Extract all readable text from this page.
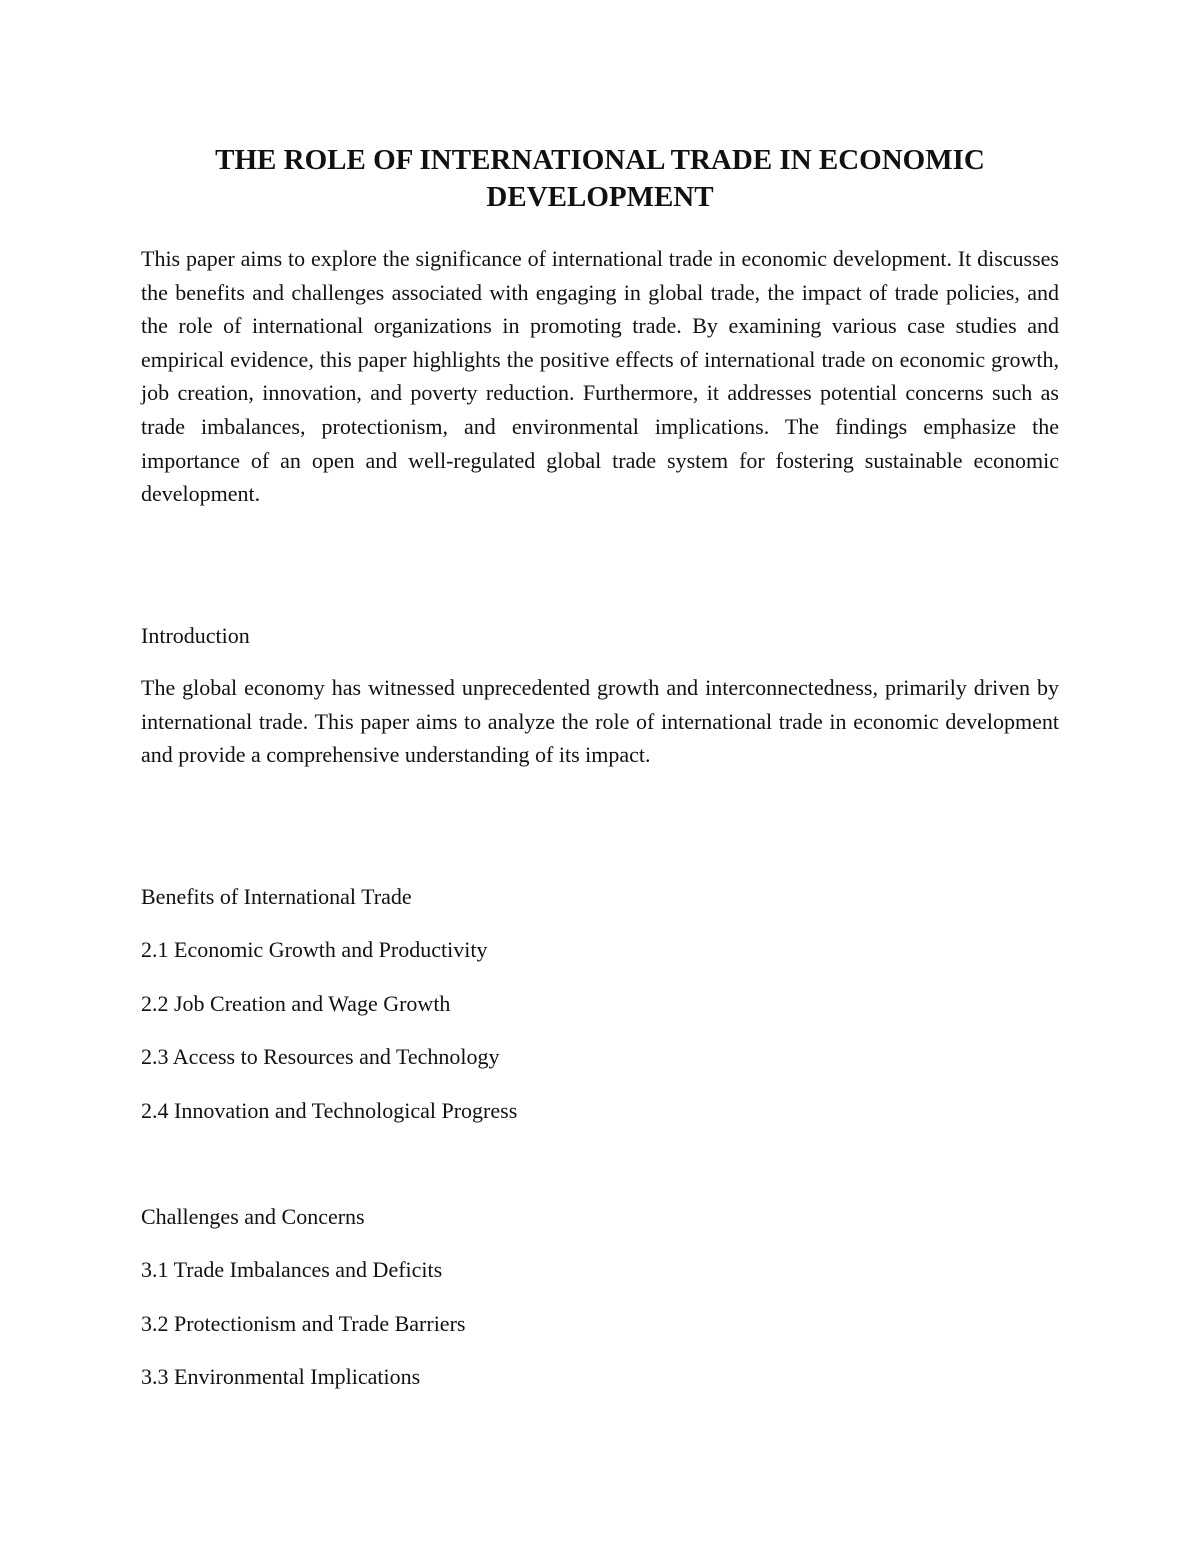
THE ROLE OF INTERNATIONAL TRADE IN ECONOMIC DEVELOPMENT

This paper aims to explore the significance of international trade in economic development. It discusses the benefits and challenges associated with engaging in global trade, the impact of trade policies, and the role of international organizations in promoting trade. By examining various case studies and empirical evidence, this paper highlights the positive effects of international trade on economic growth, job creation, innovation, and poverty reduction. Furthermore, it addresses potential concerns such as trade imbalances, protectionism, and environmental implications. The findings emphasize the importance of an open and well-regulated global trade system for fostering sustainable economic development.

Introduction

The global economy has witnessed unprecedented growth and interconnectedness, primarily driven by international trade. This paper aims to analyze the role of international trade in economic development and provide a comprehensive understanding of its impact.

Benefits of International Trade
2.1 Economic Growth and Productivity
2.2 Job Creation and Wage Growth
2.3 Access to Resources and Technology
2.4 Innovation and Technological Progress
Challenges and Concerns
3.1 Trade Imbalances and Deficits
3.2 Protectionism and Trade Barriers
3.3 Environmental Implications
